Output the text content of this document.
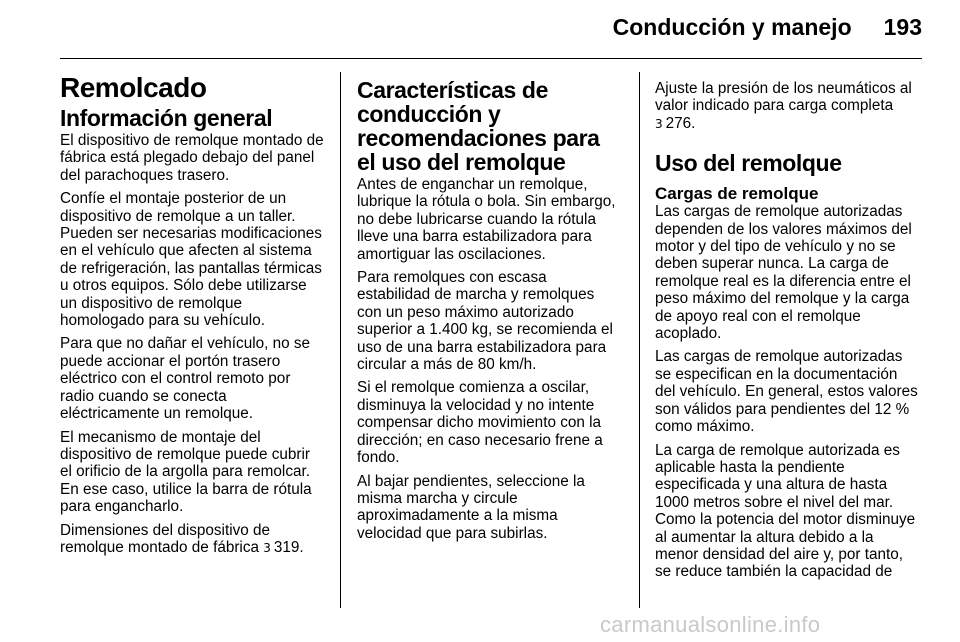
Conducción y manejo 193
Remolcado
Información general

El dispositivo de remolque montado de fábrica está plegado debajo del panel del parachoques trasero.

Confíe el montaje posterior de un dispositivo de remolque a un taller. Pueden ser necesarias modificaciones en el vehículo que afecten al sistema de refrigeración, las pantallas térmicas u otros equipos. Sólo debe utilizarse un dispositivo de remolque homologado para su vehículo.

Para que no dañar el vehículo, no se puede accionar el portón trasero eléctrico con el control remoto por radio cuando se conecta eléctricamente un remolque.

El mecanismo de montaje del dispositivo de remolque puede cubrir el orificio de la argolla para remolcar. En ese caso, utilice la barra de rótula para engancharlo.

Dimensiones del dispositivo de remolque montado de fábrica 3 319.

Características de conducción y recomendaciones para el uso del remolque

Antes de enganchar un remolque, lubrique la rótula o bola. Sin embargo, no debe lubricarse cuando la rótula lleve una barra estabilizadora para amortiguar las oscilaciones.

Para remolques con escasa estabilidad de marcha y remolques con un peso máximo autorizado superior a 1.400 kg, se recomienda el uso de una barra estabilizadora para circular a más de 80 km/h.

Si el remolque comienza a oscilar, disminuya la velocidad y no intente compensar dicho movimiento con la dirección; en caso necesario frene a fondo.

Al bajar pendientes, seleccione la misma marcha y circule aproximadamente a la misma velocidad que para subirlas.

Ajuste la presión de los neumáticos al valor indicado para carga completa
3 276.

Uso del remolque
Cargas de remolque

Las cargas de remolque autorizadas dependen de los valores máximos del motor y del tipo de vehículo y no se deben superar nunca. La carga de remolque real es la diferencia entre el peso máximo del remolque y la carga de apoyo real con el remolque acoplado.

Las cargas de remolque autorizadas se especifican en la documentación del vehículo. En general, estos valores son válidos para pendientes del 12 % como máximo.

La carga de remolque autorizada es aplicable hasta la pendiente especificada y una altura de hasta 1000 metros sobre el nivel del mar. Como la potencia del motor disminuye al aumentar la altura debido a la menor densidad del aire y, por tanto, se reduce también la capacidad de

carmanualsonline.info
